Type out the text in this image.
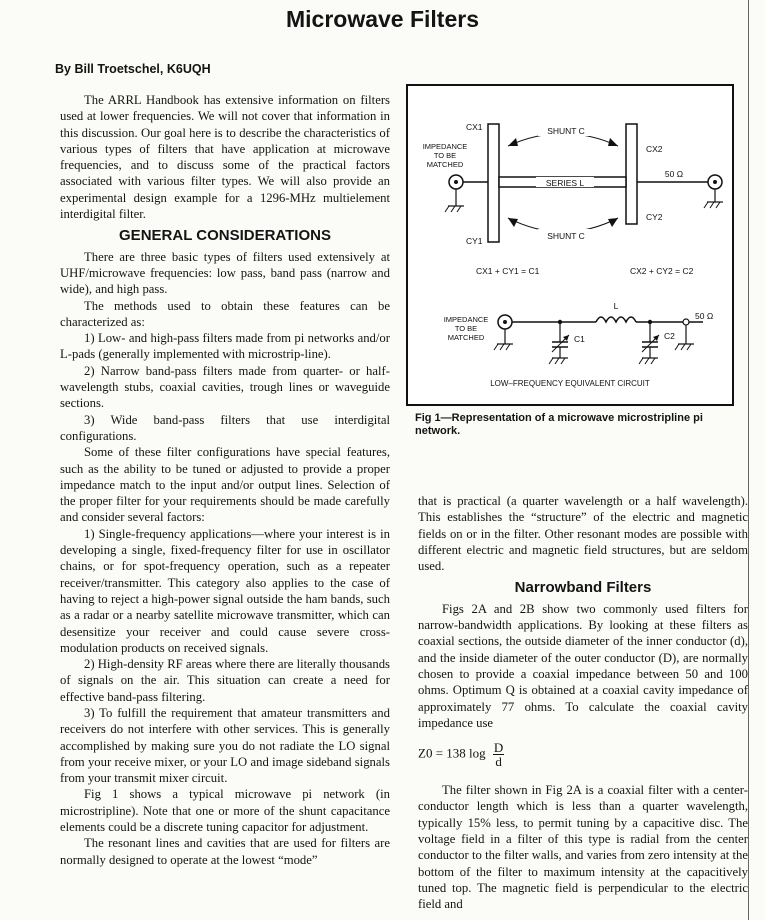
Microwave Filters
By Bill Troetschel, K6UQH

The ARRL Handbook has extensive information on filters used at lower frequencies. We will not cover that information in this discussion. Our goal here is to describe the characteristics of various types of filters that have application at microwave frequencies, and to discuss some of the practical factors associated with various filter types. We will also provide an experimental design example for a 1296-MHz multielement interdigital filter.

GENERAL CONSIDERATIONS

There are three basic types of filters used extensively at UHF/microwave frequencies: low pass, band pass (narrow and wide), and high pass.

The methods used to obtain these features can be characterized as:

1) Low- and high-pass filters made from pi networks and/or L-pads (generally implemented with microstrip-line).

2) Narrow band-pass filters made from quarter- or half-wavelength stubs, coaxial cavities, trough lines or waveguide sections.

3) Wide band-pass filters that use interdigital configurations.

Some of these filter configurations have special features, such as the ability to be tuned or adjusted to provide a proper impedance match to the input and/or output lines. Selection of the proper filter for your requirements should be made carefully and consider several factors:

1) Single-frequency applications—where your interest is in developing a single, fixed-frequency filter for use in oscillator chains, or for spot-frequency operation, such as a repeater receiver/transmitter. This category also applies to the case of having to reject a high-power signal outside the ham bands, such as a radar or a nearby satellite microwave transmitter, which can desensitize your receiver and could cause severe cross-modulation products on received signals.

2) High-density RF areas where there are literally thousands of signals on the air. This situation can create a need for effective band-pass filtering.

3) To fulfill the requirement that amateur transmitters and receivers do not interfere with other services. This is generally accomplished by making sure you do not radiate the LO signal from your receive mixer, or your LO and image sideband signals from your transmit mixer circuit.

Fig 1 shows a typical microwave pi network (in microstripline). Note that one or more of the shunt capacitance elements could be a discrete tuning capacitor for adjustment.

The resonant lines and cavities that are used for filters are normally designed to operate at the lowest “mode”

SHUNT C
SHUNT C
SERIES L
CX1
CX2
CY1
CY2
50 Ω
IMPEDANCE
TO BE
MATCHED
CX1 + CY1 = C1	CX2 + CY2 = C2
IMPEDANCE
TO BE
MATCHED
L
C1	C2
50 Ω
LOW–FREQUENCY EQUIVALENT CIRCUIT
Fig 1—Representation of a microwave microstripline pi network.

that is practical (a quarter wavelength or a half wavelength). This establishes the “structure” of the electric and magnetic fields on or in the filter. Other resonant modes are possible with different electric and magnetic field structures, but are seldom used.

Narrowband Filters

Figs 2A and 2B show two commonly used filters for narrow-bandwidth applications. By looking at these filters as coaxial sections, the outside diameter of the inner conductor (d), and the inside diameter of the outer conductor (D), are normally chosen to provide a coaxial impedance between 50 and 100 ohms. Optimum Q is obtained at a coaxial cavity impedance of approximately 77 ohms. To calculate the coaxial cavity impedance use

Z0 = 138 $\log \frac{D}{d}$

The filter shown in Fig 2A is a coaxial filter with a center-conductor length which is less than a quarter wavelength, typically 15% less, to permit tuning by a capacitive disc. The voltage field in a filter of this type is radial from the center conductor to the filter walls, and varies from zero intensity at the bottom of the filter to maximum intensity at the capacitively tuned top. The magnetic field is perpendicular to the electric field and
